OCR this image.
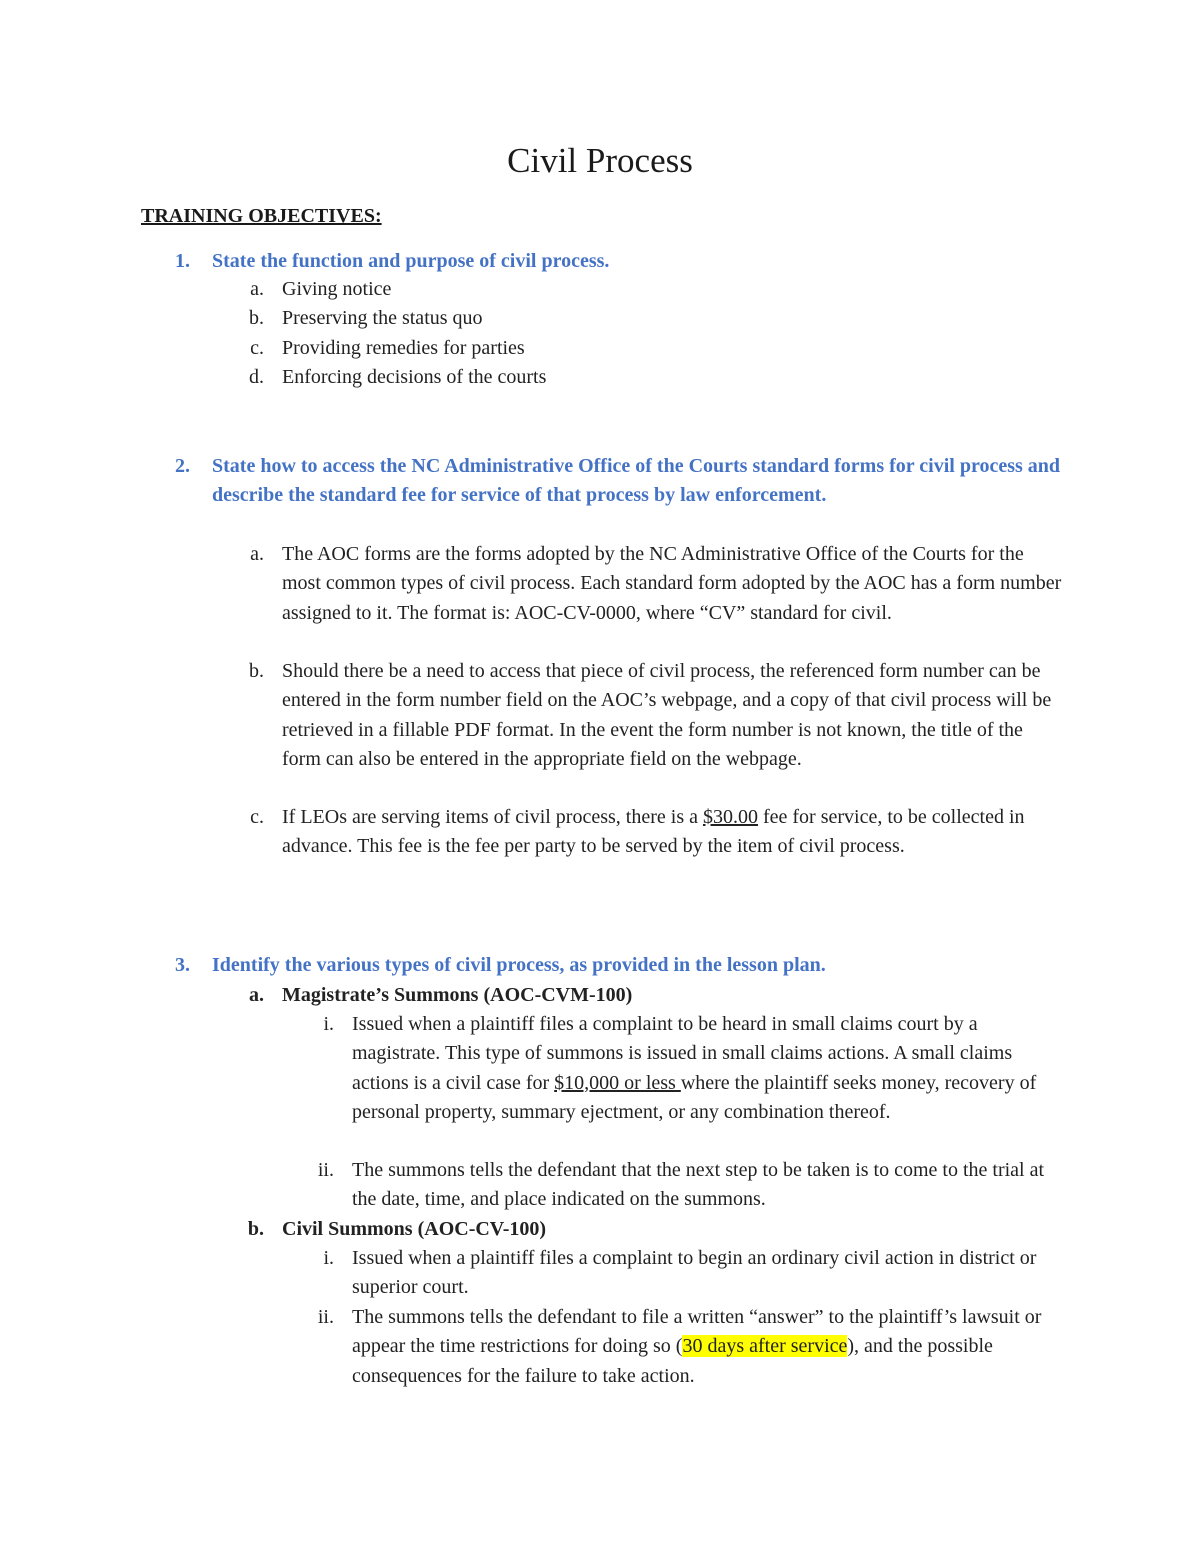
Civil Process
TRAINING OBJECTIVES:
1. State the function and purpose of civil process.
a. Giving notice
b. Preserving the status quo
c. Providing remedies for parties
d. Enforcing decisions of the courts
2. State how to access the NC Administrative Office of the Courts standard forms for civil process and describe the standard fee for service of that process by law enforcement.
a. The AOC forms are the forms adopted by the NC Administrative Office of the Courts for the most common types of civil process. Each standard form adopted by the AOC has a form number assigned to it. The format is: AOC-CV-0000, where “CV” standard for civil.
b. Should there be a need to access that piece of civil process, the referenced form number can be entered in the form number field on the AOC’s webpage, and a copy of that civil process will be retrieved in a fillable PDF format. In the event the form number is not known, the title of the form can also be entered in the appropriate field on the webpage.
c. If LEOs are serving items of civil process, there is a $30.00 fee for service, to be collected in advance. This fee is the fee per party to be served by the item of civil process.
3. Identify the various types of civil process, as provided in the lesson plan.
a. Magistrate’s Summons (AOC-CVM-100)
i. Issued when a plaintiff files a complaint to be heard in small claims court by a magistrate. This type of summons is issued in small claims actions. A small claims actions is a civil case for $10,000 or less where the plaintiff seeks money, recovery of personal property, summary ejectment, or any combination thereof.
ii. The summons tells the defendant that the next step to be taken is to come to the trial at the date, time, and place indicated on the summons.
b. Civil Summons (AOC-CV-100)
i. Issued when a plaintiff files a complaint to begin an ordinary civil action in district or superior court.
ii. The summons tells the defendant to file a written “answer” to the plaintiff’s lawsuit or appear the time restrictions for doing so (30 days after service), and the possible consequences for the failure to take action.
